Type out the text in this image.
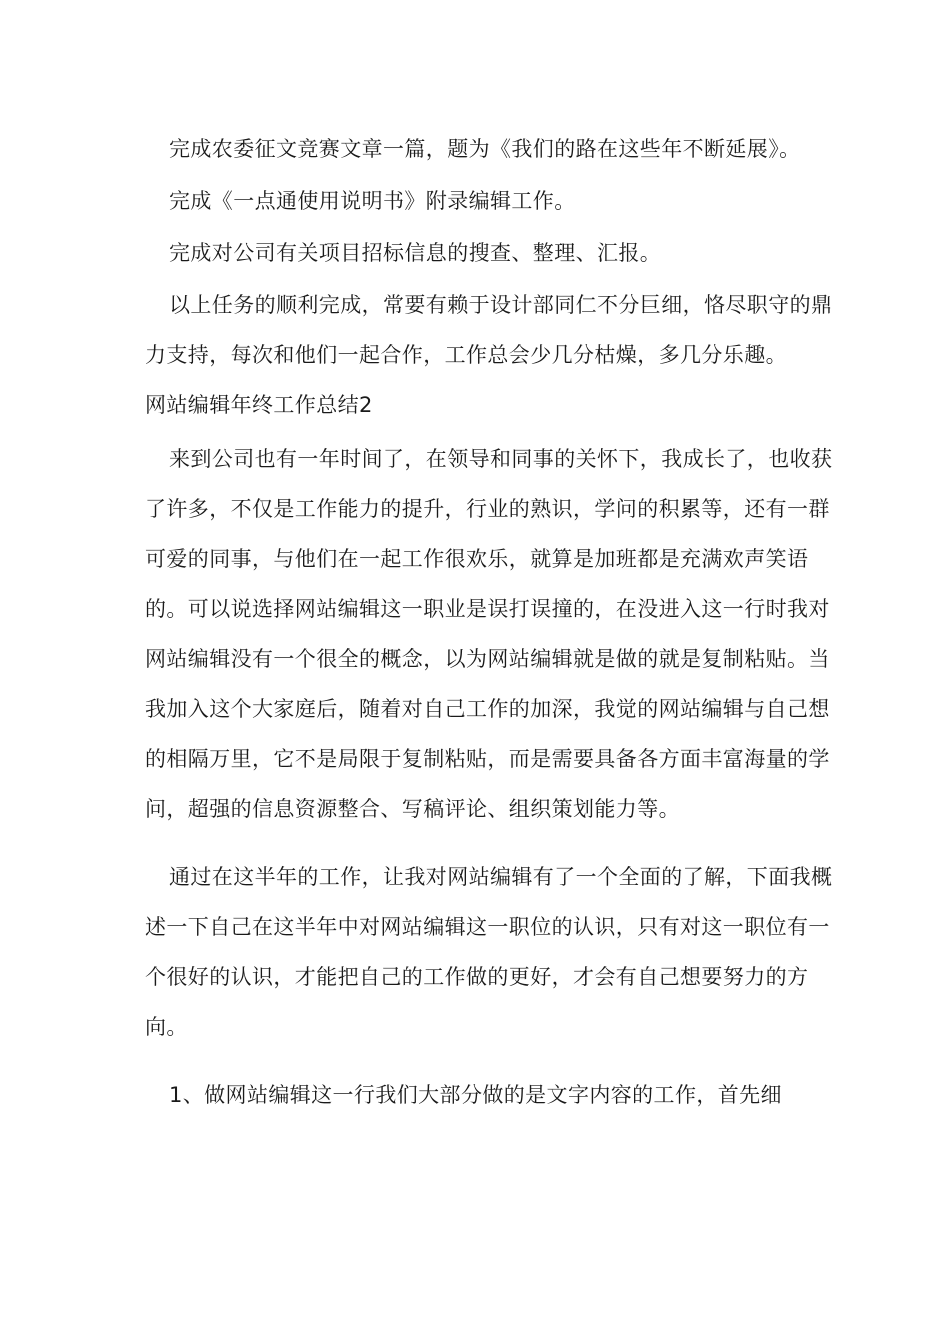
完成农委征文竞赛文章一篇，题为《我们的路在这些年不断延展》。

完成《一点通使用说明书》附录编辑工作。

完成对公司有关项目招标信息的搜查、整理、汇报。

以上任务的顺利完成，常要有赖于设计部同仁不分巨细，恪尽职守的鼎力支持，每次和他们一起合作，工作总会少几分枯燥，多几分乐趣。

网站编辑年终工作总结2

来到公司也有一年时间了，在领导和同事的关怀下，我成长了，也收获了许多，不仅是工作能力的提升，行业的熟识，学问的积累等，还有一群可爱的同事，与他们在一起工作很欢乐，就算是加班都是充满欢声笑语的。可以说选择网站编辑这一职业是误打误撞的，在没进入这一行时我对网站编辑没有一个很全的概念，以为网站编辑就是做的就是复制粘贴。当我加入这个大家庭后，随着对自己工作的加深，我觉的网站编辑与自己想的相隔万里，它不是局限于复制粘贴，而是需要具备各方面丰富海量的学问，超强的信息资源整合、写稿评论、组织策划能力等。

通过在这半年的工作，让我对网站编辑有了一个全面的了解，下面我概述一下自己在这半年中对网站编辑这一职位的认识，只有对这一职位有一个很好的认识，才能把自己的工作做的更好，才会有自己想要努力的方向。

1、做网站编辑这一行我们大部分做的是文字内容的工作，首先细
